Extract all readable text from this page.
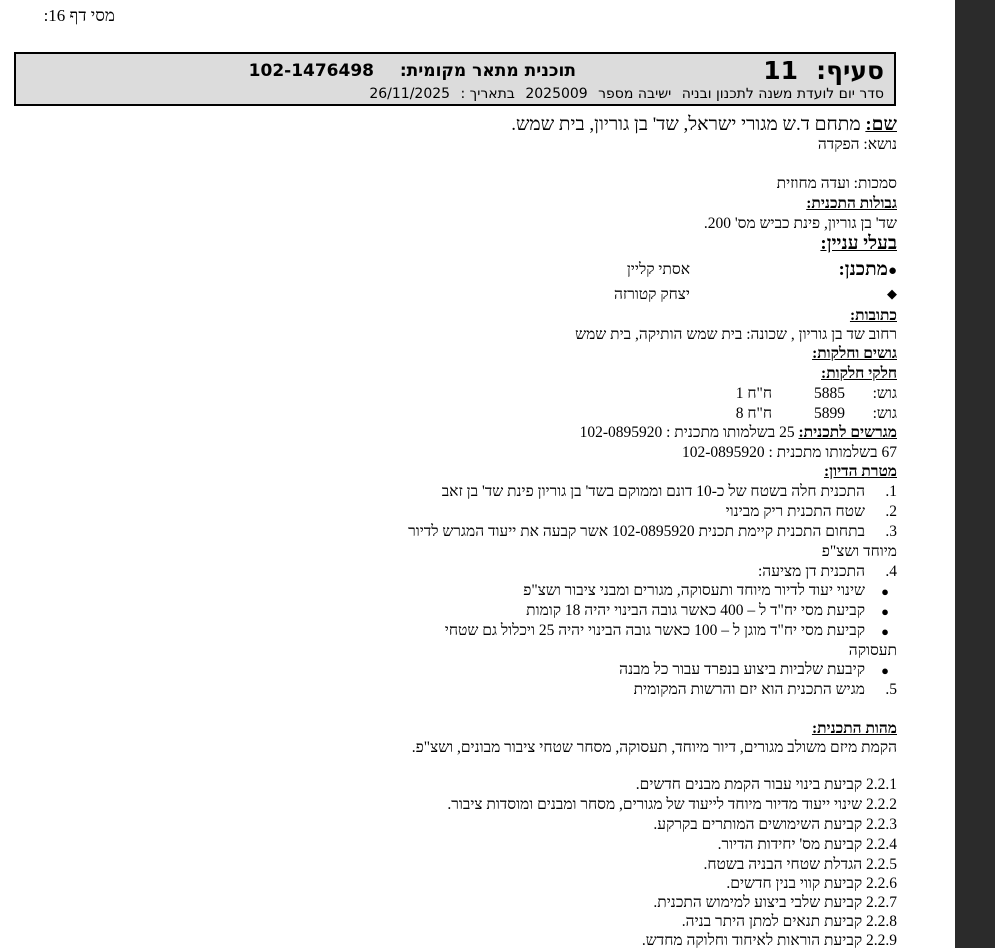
מסי דף 16:
סעיף:
11
תוכנית מתאר מקומית:
102-1476498
סדר יום לועדת משנה לתכנון ובניה ישיבה מספר 2025009 בתאריך : 26/11/2025
שם: מתחם ד.ש מגורי ישראל, שד' בן גוריון, בית שמש.
נושא: הפקדה
סמכות: ועדה מחוזית
גבולות התכנית:
שד' בן גוריון, פינת כביש מס' 200.
בעלי עניין:
●מתכנן:
אסתי קליין
◆
יצחק קטורזה
כתובות:
רחוב שד בן גוריון , שכונה: בית שמש הותיקה, בית שמש
גושים וחלקות:
חלקי חלקות:
גוש:
5885
ח"ח 1
גוש:
5899
ח"ח 8
מגרשים לתכנית: 25 בשלמותו מתכנית : 102-0895920
67 בשלמותו מתכנית : 102-0895920
מטרת הדיון:
1.
התכנית חלה בשטח של כ-10 דונם וממוקם בשד' בן גוריון פינת שד' בן זאב
2.
שטח התכנית ריק מבינוי
3.
בתחום התכנית קיימת תכנית 102-0895920 אשר קבעה את ייעוד המגרש לדיור
מיוחד ושצ"פ
4.
התכנית דן מציעה:
●
שינוי יעוד לדיור מיוחד ותעסוקה, מגורים ומבני ציבור ושצ"פ
●
קביעת מסי יח"ד ל – 400 כאשר גובה הבינוי יהיה 18 קומות
●
קביעת מסי יח"ד מוגן ל – 100 כאשר גובה הבינוי יהיה 25 ויכלול גם שטחי
תעסוקה
●
קיבעת שלביות ביצוע בנפרד עבור כל מבנה
5.
מגיש התכנית הוא יזם והרשות המקומית
מהות התכנית:
הקמת מיזם משולב מגורים, דיור מיוחד, תעסוקה, מסחר שטחי ציבור מבונים, ושצ"פ.
2.2.1 קביעת בינוי עבור הקמת מבנים חדשים.
2.2.2 שינוי ייעוד מדיור מיוחד לייעוד של מגורים, מסחר ומבנים ומוסדות ציבור.
2.2.3 קביעת השימושים המותרים בקרקע.
2.2.4 קביעת מס' יחידות הדיור.
2.2.5 הגדלת שטחי הבניה בשטח.
2.2.6 קביעת קווי בנין חדשים.
2.2.7 קביעת שלבי ביצוע למימוש התכנית.
2.2.8 קביעת תנאים למתן היתר בניה.
2.2.9 קביעת הוראות לאיחוד וחלוקה מחדש.
